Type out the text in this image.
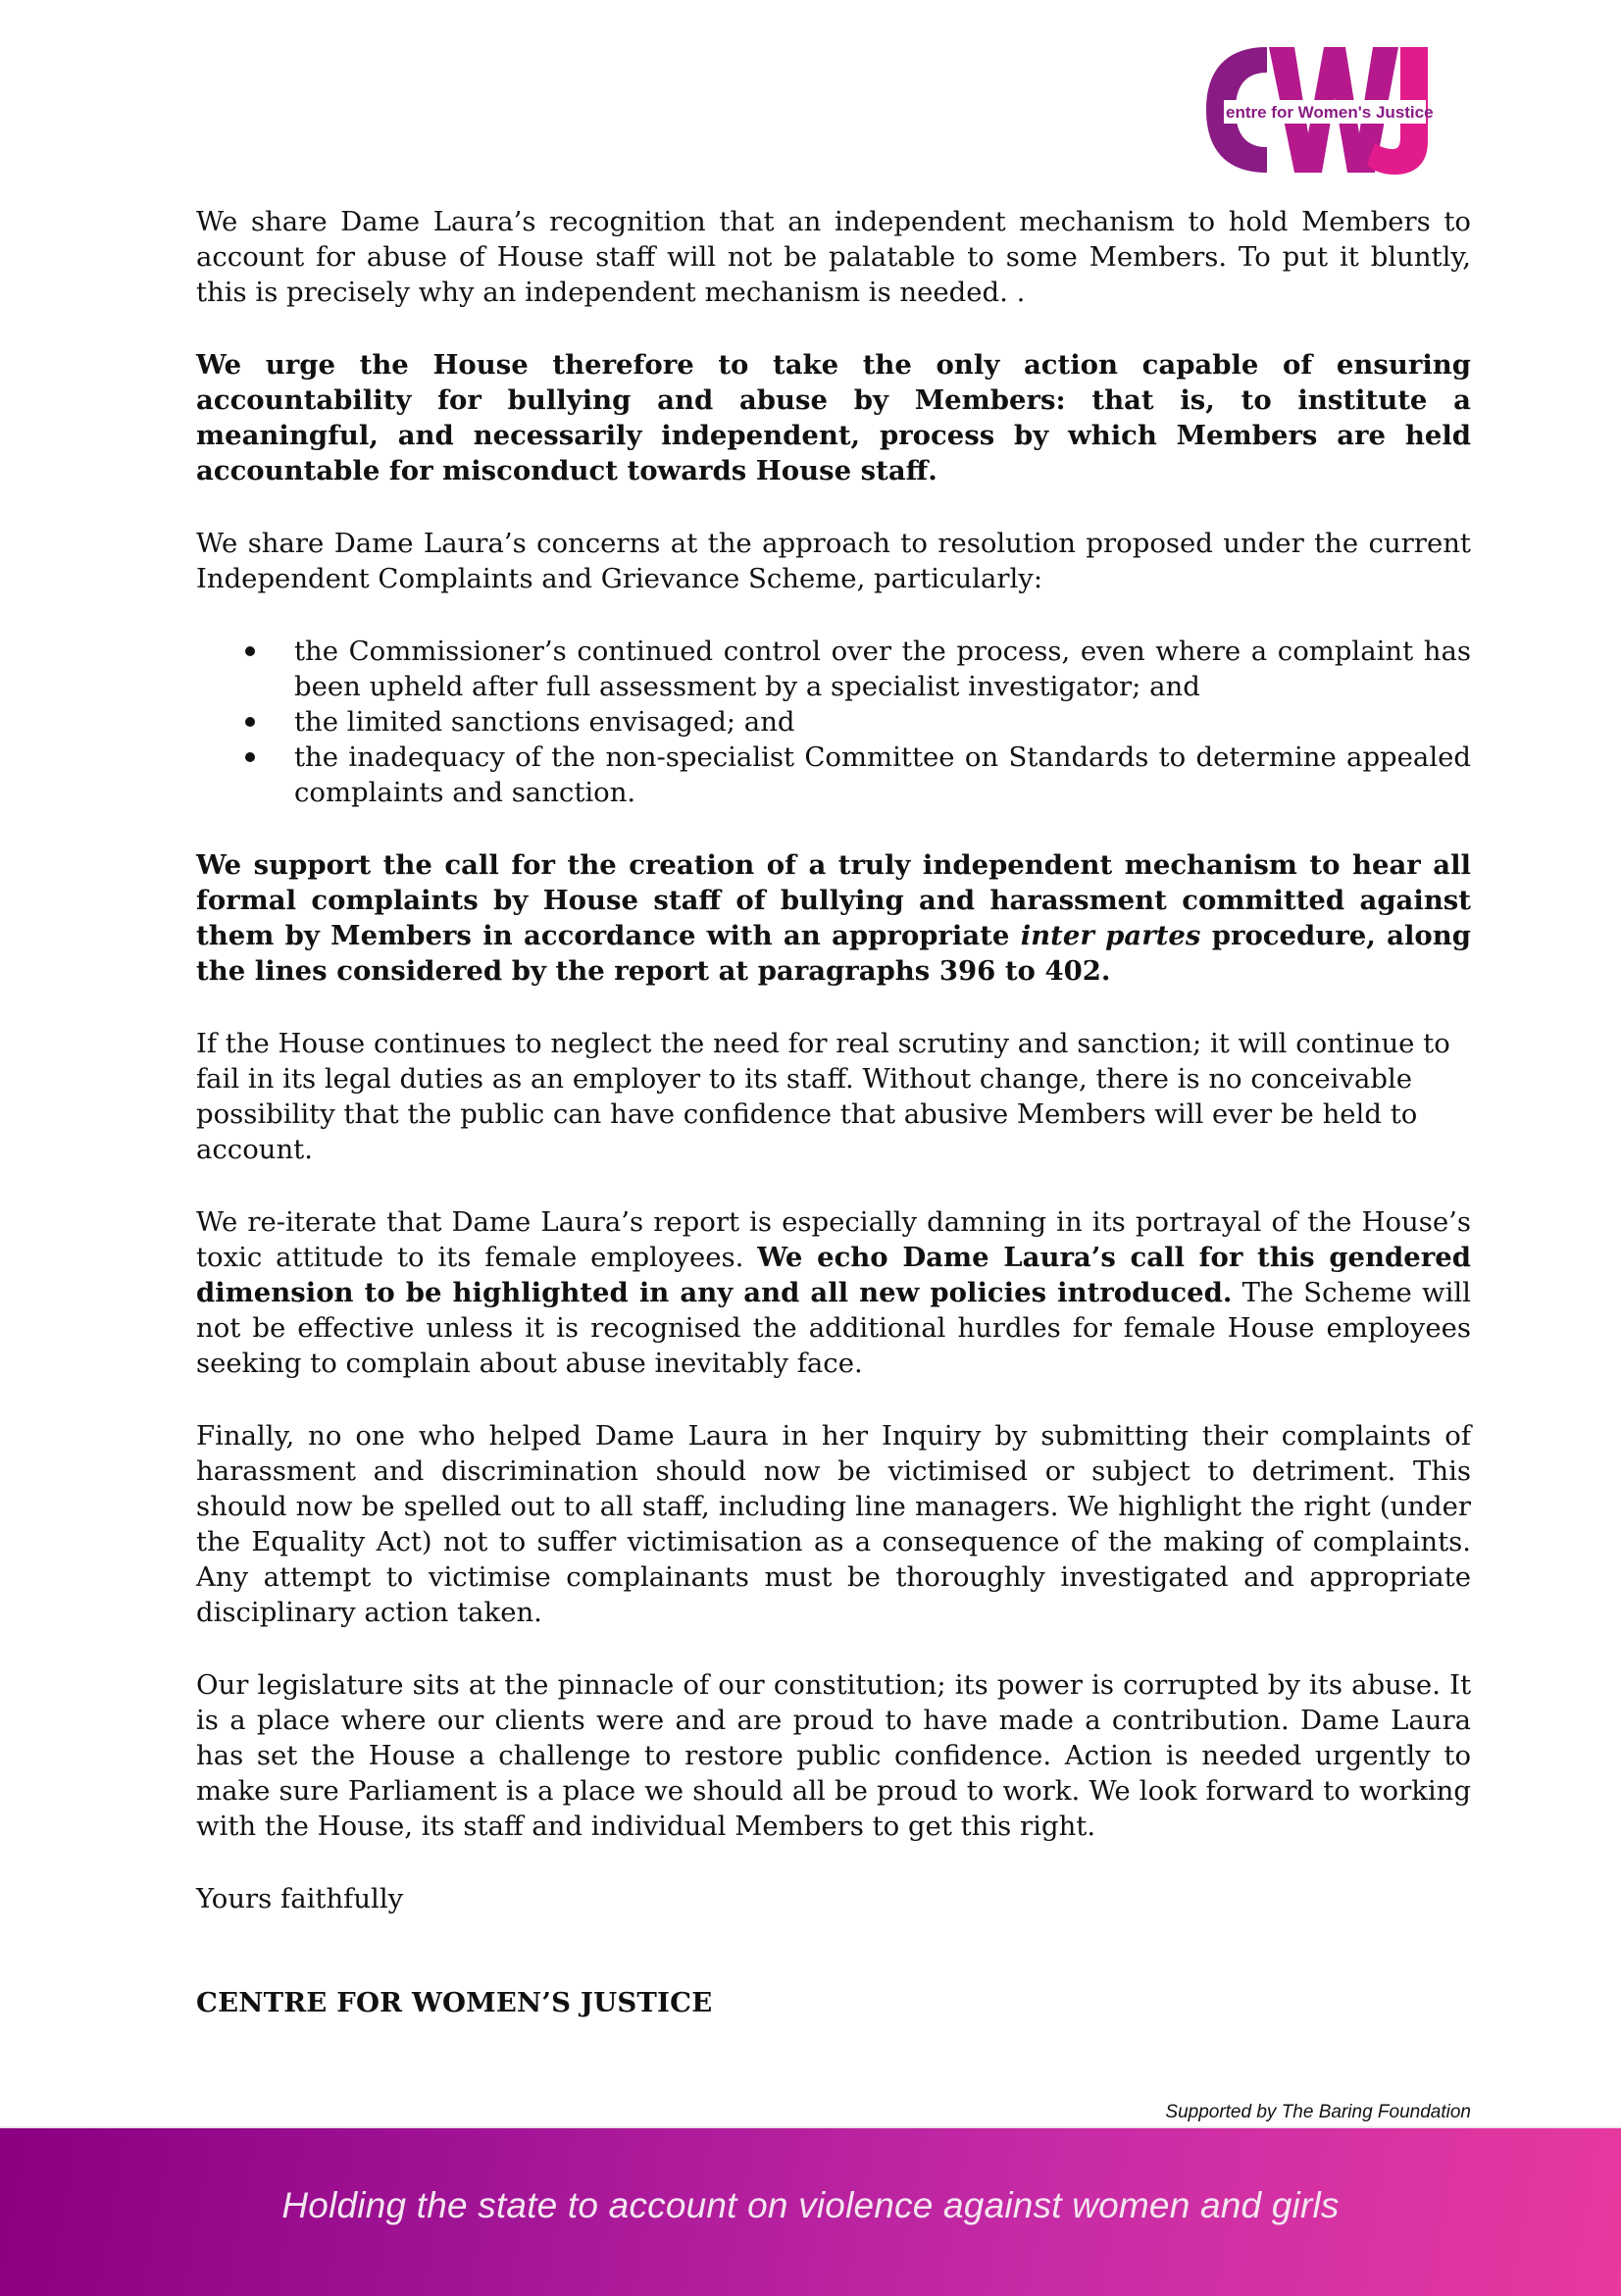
entre for Women's Justice

We share Dame Laura’s recognition that an independent mechanism to hold Members to account for abuse of House staff will not be palatable to some Members. To put it bluntly, this is precisely why an independent mechanism is needed. .

We urge the House therefore to take the only action capable of ensuring accountability for bullying and abuse by Members: that is, to institute a meaningful, and necessarily independent, process by which Members are held accountable for misconduct towards House staff.

We share Dame Laura’s concerns at the approach to resolution proposed under the current Independent Complaints and Grievance Scheme, particularly:

the Commissioner’s continued control over the process, even where a complaint has been upheld after full assessment by a specialist investigator; and
the limited sanctions envisaged; and
the inadequacy of the non-specialist Committee on Standards to determine appealed complaints and sanction.

We support the call for the creation of a truly independent mechanism to hear all formal complaints by House staff of bullying and harassment committed against them by Members in accordance with an appropriate inter partes procedure, along the lines considered by the report at paragraphs 396 to 402.

If the House continues to neglect the need for real scrutiny and sanction; it will continue to fail in its legal duties as an employer to its staff. Without change, there is no conceivable possibility that the public can have confidence that abusive Members will ever be held to account.

We re-iterate that Dame Laura’s report is especially damning in its portrayal of the House’s toxic attitude to its female employees. We echo Dame Laura’s call for this gendered dimension to be highlighted in any and all new policies introduced. The Scheme will not be effective unless it is recognised the additional hurdles for female House employees seeking to complain about abuse inevitably face.

Finally, no one who helped Dame Laura in her Inquiry by submitting their complaints of harassment and discrimination should now be victimised or subject to detriment. This should now be spelled out to all staff, including line managers. We highlight the right (under the Equality Act) not to suffer victimisation as a consequence of the making of complaints. Any attempt to victimise complainants must be thoroughly investigated and appropriate disciplinary action taken.

Our legislature sits at the pinnacle of our constitution; its power is corrupted by its abuse. It is a place where our clients were and are proud to have made a contribution. Dame Laura has set the House a challenge to restore public confidence. Action is needed urgently to make sure Parliament is a place we should all be proud to work. We look forward to working with the House, its staff and individual Members to get this right.

Yours faithfully

CENTRE FOR WOMEN’S JUSTICE
Supported by The Baring Foundation
Holding the state to account on violence against women and girls
